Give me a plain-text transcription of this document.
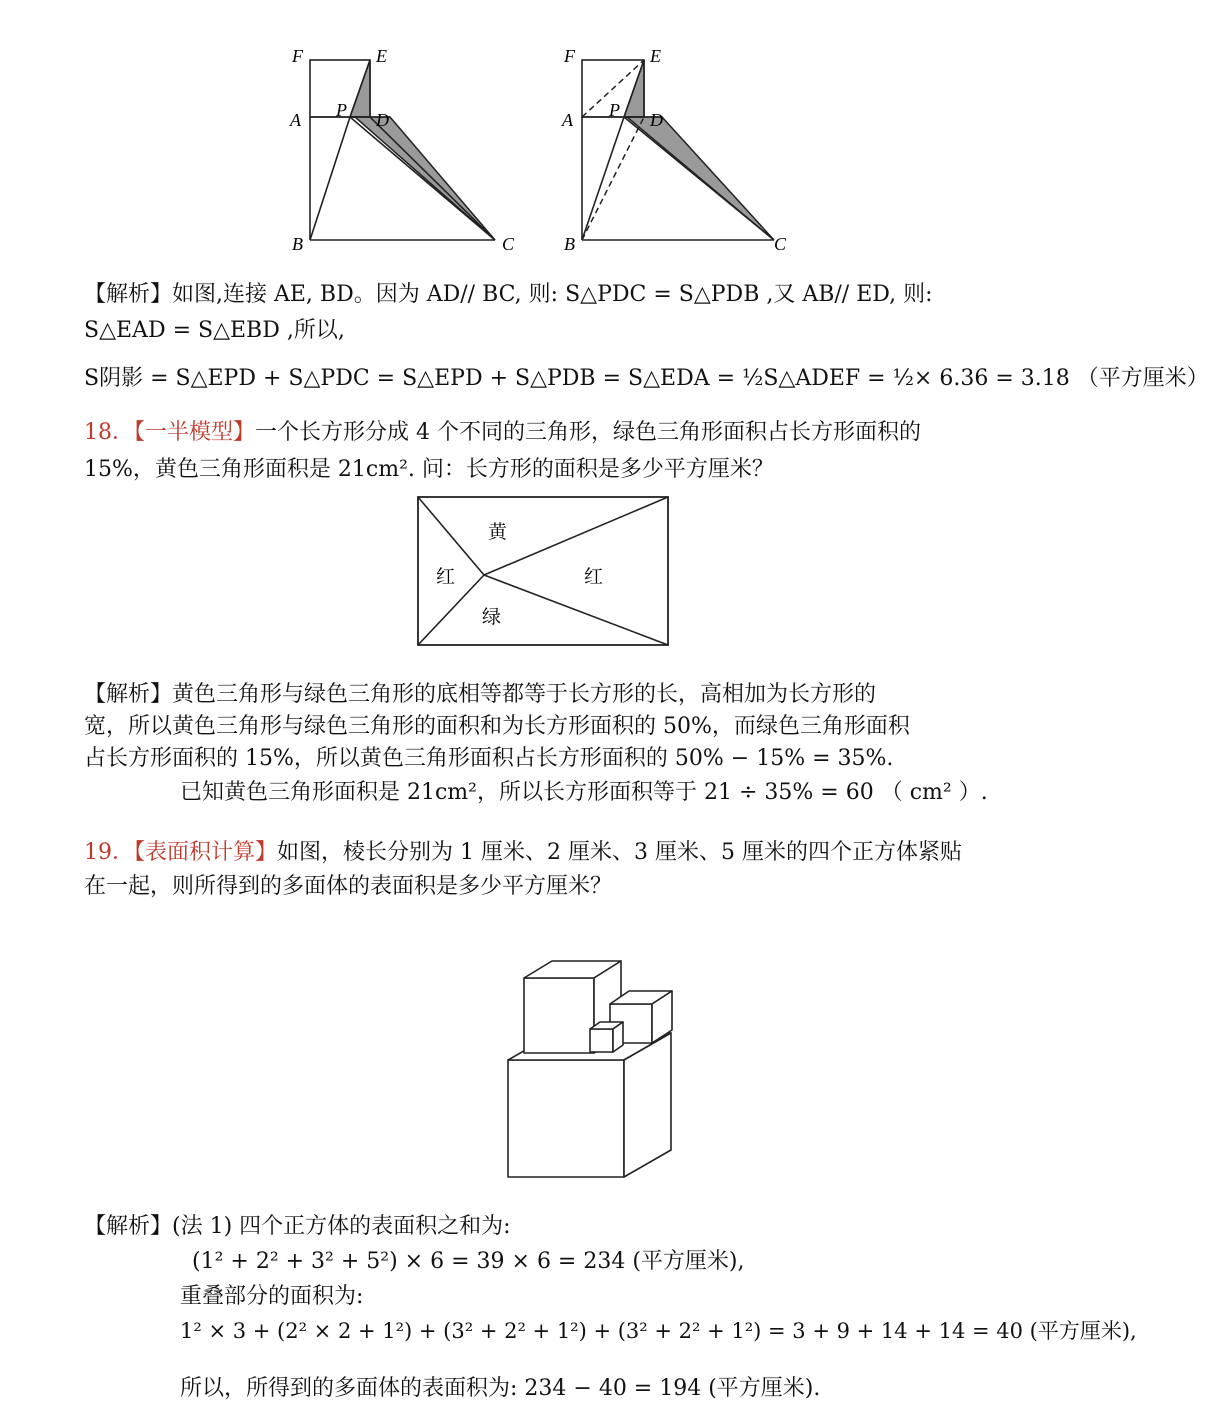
F	E
A P D
B	C
F	E
A P D
B	C
【解析】如图,连接 AE, BD。因为 AD// BC, 则: S△PDC = S△PDB ,又 AB// ED, 则:
S△EAD = S△EBD ,所以,
S阴影 = S△EPD + S△PDC = S△EPD + S△PDB = S△EDA = ½S△ADEF = ½× 6.36 = 3.18 （平方厘米）
18．【一半模型】一个长方形分成 4 个不同的三角形，绿色三角形面积占长方形面积的
15%，黄色三角形面积是 21cm². 问：长方形的面积是多少平方厘米？
黄
红	红
绿
【解析】黄色三角形与绿色三角形的底相等都等于长方形的长，高相加为长方形的
宽，所以黄色三角形与绿色三角形的面积和为长方形面积的 50%，而绿色三角形面积
占长方形面积的 15%，所以黄色三角形面积占长方形面积的 50% − 15% = 35%.
已知黄色三角形面积是 21cm²，所以长方形面积等于 21 ÷ 35% = 60 （ cm² ）.
19．【表面积计算】如图，棱长分别为 1 厘米、2 厘米、3 厘米、5 厘米的四个正方体紧贴
在一起，则所得到的多面体的表面积是多少平方厘米？
【解析】(法 1) 四个正方体的表面积之和为:
(1² + 2² + 3² + 5²) × 6 = 39 × 6 = 234 (平方厘米),
重叠部分的面积为:
1² × 3 + (2² × 2 + 1²) + (3² + 2² + 1²) + (3² + 2² + 1²) = 3 + 9 + 14 + 14 = 40 (平方厘米),
所以，所得到的多面体的表面积为: 234 − 40 = 194 (平方厘米).
